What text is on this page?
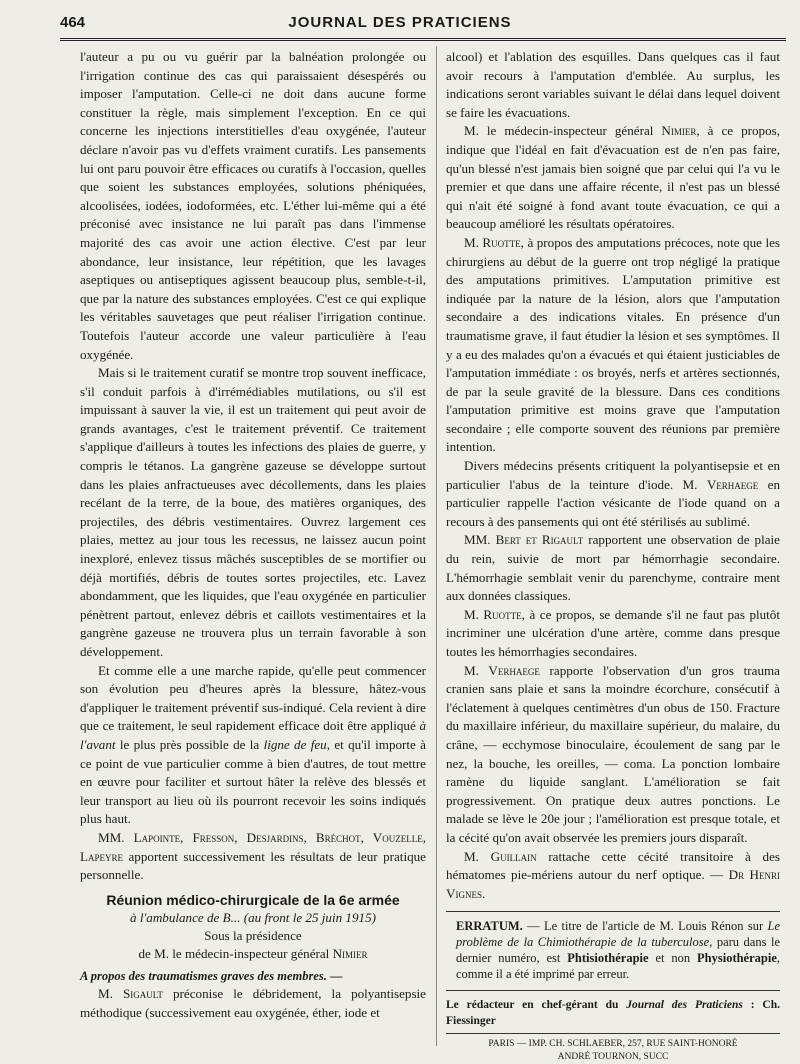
464	JOURNAL DES PRATICIENS

l'auteur a pu ou vu guérir par la balnéation prolongée ou l'irrigation continue des cas qui paraissaient désespérés ou imposer l'amputation. Celle-ci ne doit dans aucune forme constituer la règle, mais simplement l'exception. En ce qui concerne les injections interstitielles d'eau oxygénée, l'auteur déclare n'avoir pas vu d'effets vraiment curatifs. Les pansements lui ont paru pouvoir être efficaces ou curatifs à l'occasion, quelles que soient les substances employées, solutions phéniquées, alcoolisées, iodées, iodoformées, etc. L'éther lui-même qui a été préconisé avec insistance ne lui paraît pas dans l'immense majorité des cas avoir une action élective. C'est par leur abondance, leur insistance, leur répétition, que les lavages aseptiques ou antiseptiques agissent beaucoup plus, semble-t-il, que par la nature des substances employées. C'est ce qui explique les véritables sauvetages que peut réaliser l'irrigation continue. Toutefois l'auteur accorde une valeur particulière à l'eau oxygénée.

Mais si le traitement curatif se montre trop souvent inefficace, s'il conduit parfois à d'irrémédiables mutilations, ou s'il est impuissant à sauver la vie, il est un traitement qui peut avoir de grands avantages, c'est le traitement préventif. Ce traitement s'applique d'ailleurs à toutes les infections des plaies de guerre, y compris le tétanos. La gangrène gazeuse se développe surtout dans les plaies anfractueuses avec décollements, dans les plaies recélant de la terre, de la boue, des matières organiques, des projectiles, des débris vestimentaires. Ouvrez largement ces plaies, mettez au jour tous les recessus, ne laissez aucun point inexploré, enlevez tissus mâchés susceptibles de se mortifier ou déjà mortifiés, débris de toutes sortes projectiles, etc. Lavez abondamment, que les liquides, que l'eau oxygénée en particulier pénètrent partout, enlevez débris et caillots vestimentaires et la gangrène gazeuse ne trouvera plus un terrain favorable à son développement.

Et comme elle a une marche rapide, qu'elle peut commencer son évolution peu d'heures après la blessure, hâtez-vous d'appliquer le traitement préventif sus-indiqué. Cela revient à dire que ce traitement, le seul rapidement efficace doit être appliqué à l'avant le plus près possible de la ligne de feu, et qu'il importe à ce point de vue particulier comme à bien d'autres, de tout mettre en œuvre pour faciliter et surtout hâter la relève des blessés et leur transport au lieu où ils pourront recevoir les soins indiqués plus haut.

MM. Lapointe, Fresson, Desjardins, Bréchot, Vouzelle, Lapeyre apportent successivement les résultats de leur pratique personnelle.

Réunion médico-chirurgicale de la 6e armée
à l'ambulance de B... (au front le 25 juin 1915)

Sous la présidence

de M. le médecin-inspecteur général Nimier

A propos des traumatismes graves des membres. —

M. Sigault préconise le débridement, la polyantisepsie méthodique (successivement eau oxygénée, éther, iode et

alcool) et l'ablation des esquilles. Dans quelques cas il faut avoir recours à l'amputation d'emblée. Au surplus, les indications seront variables suivant le délai dans lequel doivent se faire les évacuations.

M. le médecin-inspecteur général Nimier, à ce propos, indique que l'idéal en fait d'évacuation est de n'en pas faire, qu'un blessé n'est jamais bien soigné que par celui qui l'a vu le premier et que dans une affaire récente, il n'est pas un blessé qui n'ait été soigné à fond avant toute évacuation, ce qui a beaucoup amélioré les résultats opératoires.

M. Ruotte, à propos des amputations précoces, note que les chirurgiens au début de la guerre ont trop négligé la pratique des amputations primitives. L'amputation primitive est indiquée par la nature de la lésion, alors que l'amputation secondaire a des indications vitales. En présence d'un traumatisme grave, il faut étudier la lésion et ses symptômes. Il y a eu des malades qu'on a évacués et qui étaient justiciables de l'amputation immédiate : os broyés, nerfs et artères sectionnés, de par la seule gravité de la blessure. Dans ces conditions l'amputation primitive est moins grave que l'amputation secondaire ; elle comporte souvent des réunions par première intention.

Divers médecins présents critiquent la polyantisepsie et en particulier l'abus de la teinture d'iode. M. Verhaege en particulier rappelle l'action vésicante de l'iode quand on a recours à des pansements qui ont été stérilisés au sublimé.

MM. Bert et Rigault rapportent une observation de plaie du rein, suivie de mort par hémorrhagie secondaire. L'hémorrhagie semblait venir du parenchyme, contraire ment aux données classiques.

M. Ruotte, à ce propos, se demande s'il ne faut pas plutôt incriminer une ulcération d'une artère, comme dans presque toutes les hémorrhagies secondaires.

M. Verhaege rapporte l'observation d'un gros trauma cranien sans plaie et sans la moindre écorchure, consécutif à l'éclatement à quelques centimètres d'un obus de 150. Fracture du maxillaire inférieur, du maxillaire supérieur, du malaire, du crâne, — ecchymose binoculaire, écoulement de sang par le nez, la bouche, les oreilles, — coma. La ponction lombaire ramène du liquide sanglant. L'amélioration se fait progressivement. On pratique deux autres ponctions. Le malade se lève le 20e jour ; l'amélioration est presque totale, et la cécité qu'on avait observée les premiers jours disparaît.

M. Guillain rattache cette cécité transitoire à des hématomes pie-mériens autour du nerf optique. — Dr Henri Vignes.

ERRATUM. — Le titre de l'article de M. Louis Rénon sur Le problème de la Chimiothérapie de la tuberculose, paru dans le dernier numéro, est Phtisiothérapie et non Physiothérapie, comme il a été imprimé par erreur.

Le rédacteur en chef-gérant du Journal des Praticiens : Ch. Fiessinger

PARIS — IMP. CH. SCHLAEBER, 257, RUE SAINT-HONORÉ

ANDRÉ TOURNON, SUCC
